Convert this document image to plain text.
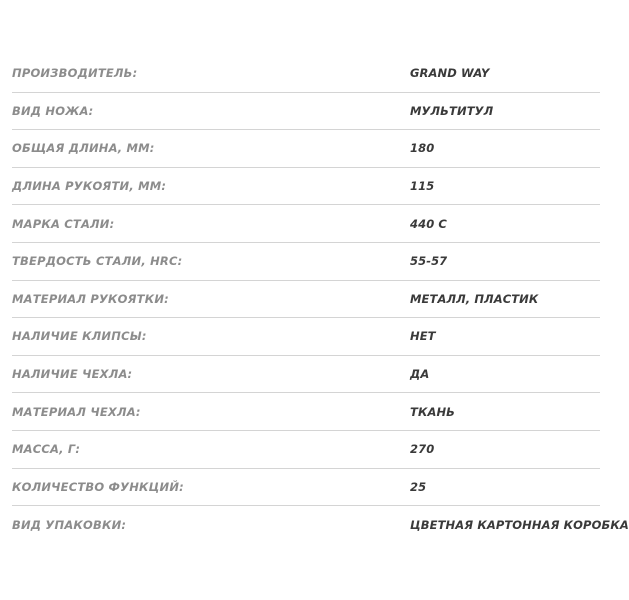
ПРОИЗВОДИТЕЛЬ:	GRAND WAY
ВИД НОЖА:	МУЛЬТИТУЛ
ОБЩАЯ ДЛИНА, ММ:	180
ДЛИНА РУКОЯТИ, ММ:	115
МАРКА СТАЛИ:	440 С
ТВЕРДОСТЬ СТАЛИ, HRC:	55-57
МАТЕРИАЛ РУКОЯТКИ:	МЕТАЛЛ, ПЛАСТИК
НАЛИЧИЕ КЛИПСЫ:	НЕТ
НАЛИЧИЕ ЧЕХЛА:	ДА
МАТЕРИАЛ ЧЕХЛА:	ТКАНЬ
МАССА, Г:	270
КОЛИЧЕСТВО ФУНКЦИЙ:	25
ВИД УПАКОВКИ:	ЦВЕТНАЯ КАРТОННАЯ КОРОБКА
